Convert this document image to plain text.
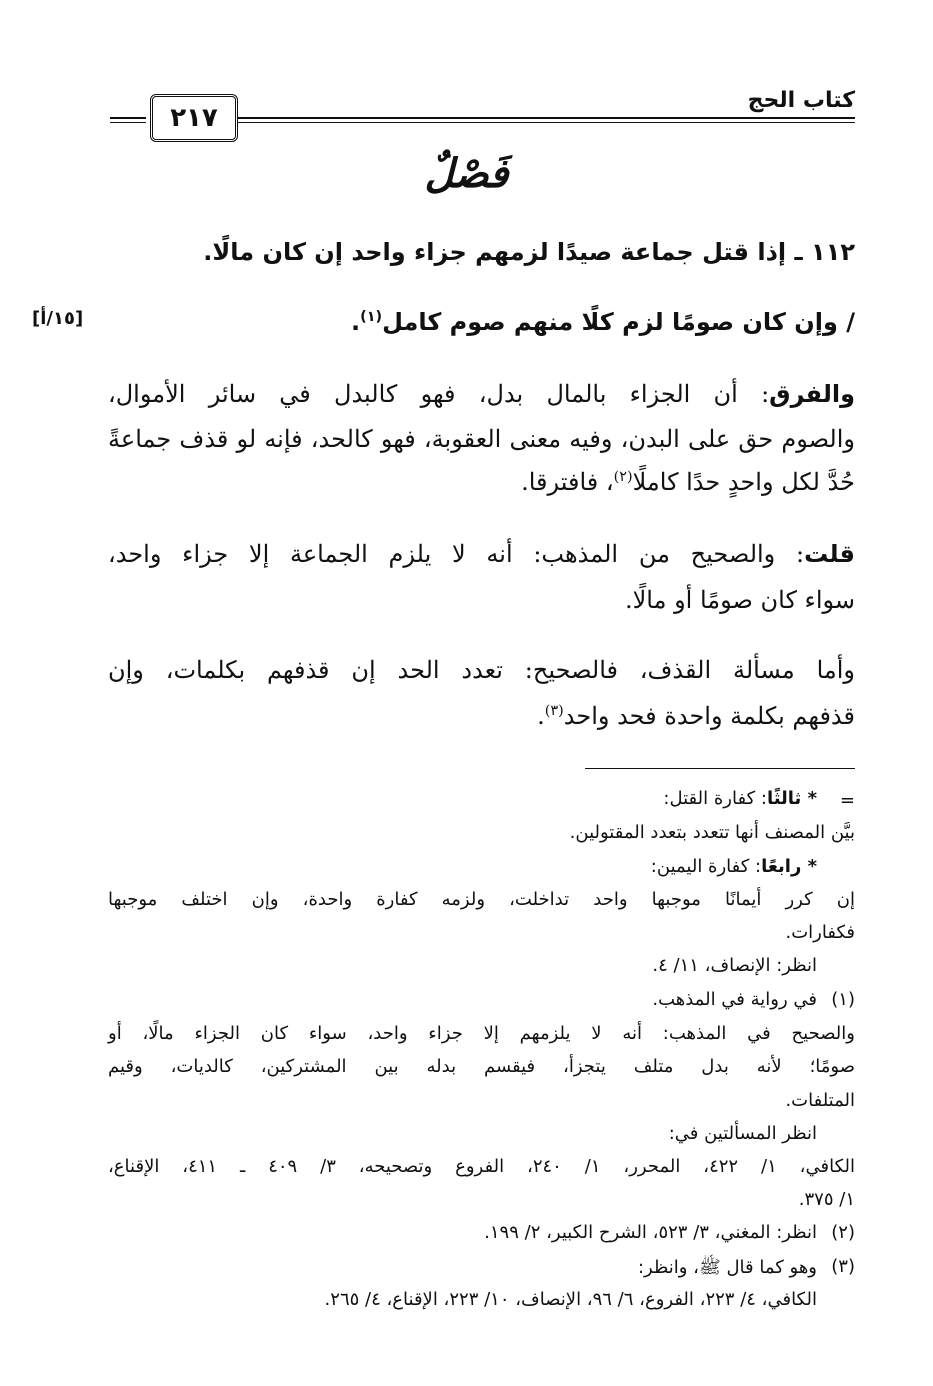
كتاب الحج
٢١٧
فَصْلٌ
١١٢ ـ إذا قتل جماعة صيدًا لزمهم جزاء واحد إن كان مالًا.
[١٥/أ]	/ وإن كان صومًا لزم كلًا منهم صوم كامل$^{(١)}$.
والفرق: أن الجزاء بالمال بدل، فهو كالبدل في سائر الأموال،
والصوم حق على البدن، وفيه معنى العقوبة، فهو كالحد، فإنه لو قذف جماعةً
حُدَّ لكل واحدٍ حدًا كاملًا$^{(٢)}$، فافترقا.
قلت: والصحيح من المذهب: أنه لا يلزم الجماعة إلا جزاء واحد،
سواء كان صومًا أو مالًا.
وأما مسألة القذف، فالصحيح: تعدد الحد إن قذفهم بكلمات، وإن
قذفهم بكلمة واحدة فحد واحد$^{(٣)}$.
=
* ثالثًا: كفارة القتل:
بيَّن المصنف أنها تتعدد بتعدد المقتولين.
* رابعًا: كفارة اليمين:
إن كرر أيمانًا موجبها واحد تداخلت، ولزمه كفارة واحدة، وإن اختلف موجبها
فكفارات.
انظر: الإنصاف، ١١/ ٤.
(١)
في رواية في المذهب.
والصحيح في المذهب: أنه لا يلزمهم إلا جزاء واحد، سواء كان الجزاء مالًا، أو
صومًا؛ لأنه بدل متلف يتجزأ، فيقسم بدله بين المشتركين، كالديات، وقيم
المتلفات.
انظر المسألتين في:
الكافي، ١/ ٤٢٢، المحرر، ١/ ٢٤٠، الفروع وتصحيحه، ٣/ ٤٠٩ ـ ٤١١، الإقناع،
١/ ٣٧٥.
(٢)
انظر: المغني، ٣/ ٥٢٣، الشرح الكبير، ٢/ ١٩٩.
(٣)
وهو كما قال ﷺ، وانظر:
الكافي، ٤/ ٢٢٣، الفروع، ٦/ ٩٦، الإنصاف، ١٠/ ٢٢٣، الإقناع، ٤/ ٢٦٥.
